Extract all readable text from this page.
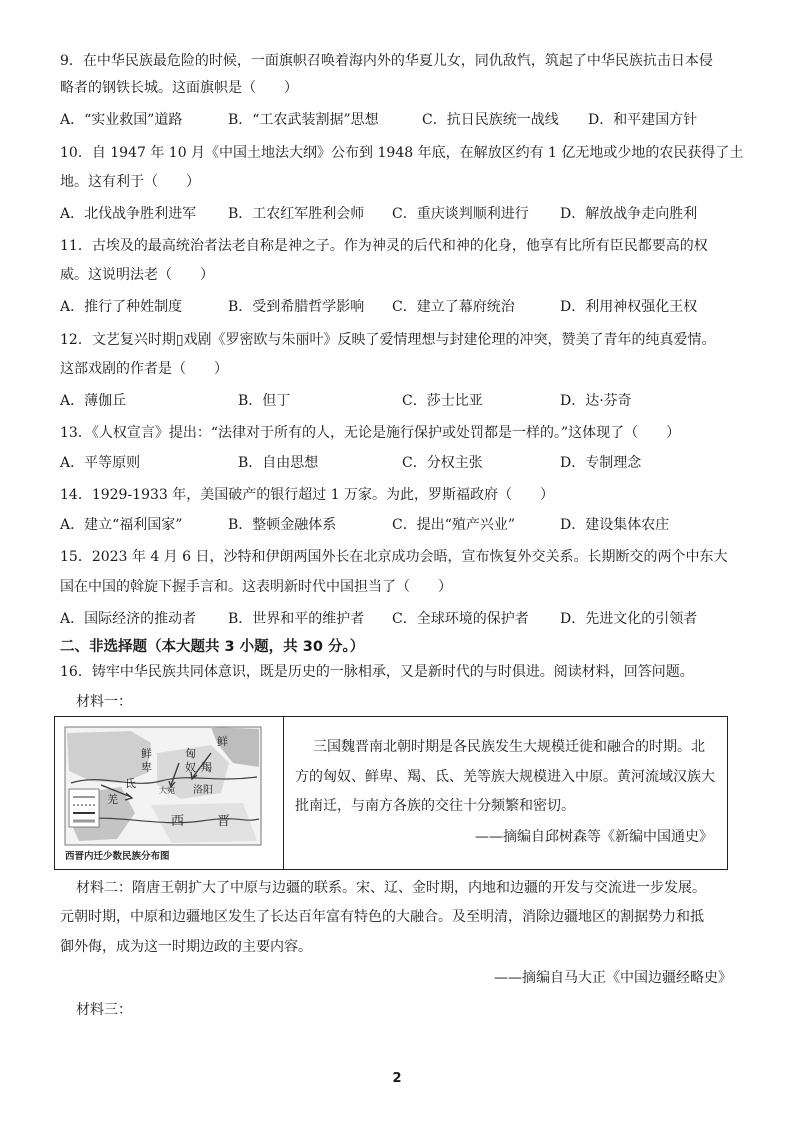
9．在中华民族最危险的时候，一面旗帜召唤着海内外的华夏儿女，同仇敌忾，筑起了中华民族抗击日本侵
略者的钢铁长城。这面旗帜是（　　）
A．“实业救国”道路	B．“工农武装割据”思想	C．抗日民族统一战线 D．和平建国方针
10．自 1947 年 10 月《中国土地法大纲》公布到 1948 年底，在解放区约有 1 亿无地或少地的农民获得了土
地。这有利于（　　）
A．北伐战争胜利进军 B．工农红军胜利会师 C．重庆谈判顺利进行 D．解放战争走向胜利
11．古埃及的最高统治者法老自称是神之子。作为神灵的后代和神的化身，他享有比所有臣民都要高的权
威。这说明法老（　　）
A．推行了种姓制度	B．受到希腊哲学影响 C．建立了幕府统治	D．利用神权强化王权
12．文艺复兴时期▯戏剧《罗密欧与朱丽叶》反映了爱情理想与封建伦理的冲突，赞美了青年的纯真爱情。
这部戏剧的作者是（　　）
A．薄伽丘	B．但丁	C．莎士比亚	D．达·芬奇
13．《人权宣言》提出：“法律对于所有的人，无论是施行保护或处罚都是一样的。”这体现了（　　）
A．平等原则	B．自由思想	C．分权主张	D．专制理念
14．1929-1933 年，美国破产的银行超过 1 万家。为此，罗斯福政府（　　）
A．建立“福利国家”	B．整顿金融体系	C．提出“殖产兴业”	D．建设集体农庄
15．2023 年 4 月 6 日，沙特和伊朗两国外长在北京成功会晤，宣布恢复外交关系。长期断交的两个中东大
国在中国的斡旋下握手言和。这表明新时代中国担当了（　　）
A．国际经济的推动者 B．世界和平的维护者 C．全球环境的保护者 D．先进文化的引领者
二、非选择题（本大题共 3 小题，共 30 分。）
16．铸牢中华民族共同体意识，既是历史的一脉相承，又是新时代的与时俱进。阅读材料，回答问题。
材料一：
鲜
匈
奴
鲜
卑	羯
氐
羌
洛阳
大宛
西	晋
西晋内迁少数民族分布图
三国魏晋南北朝时期是各民族发生大规模迁徙和融合的时期。北
方的匈奴、鲜卑、羯、氐、羌等族大规模进入中原。黄河流域汉族大
批南迁，与南方各族的交往十分频繁和密切。
——摘编自邱树森等《新编中国通史》
材料二：隋唐王朝扩大了中原与边疆的联系。宋、辽、金时期，内地和边疆的开发与交流进一步发展。
元朝时期，中原和边疆地区发生了长达百年富有特色的大融合。及至明清，消除边疆地区的割据势力和抵
御外侮，成为这一时期边政的主要内容。
——摘编自马大正《中国边疆经略史》
材料三：
2
